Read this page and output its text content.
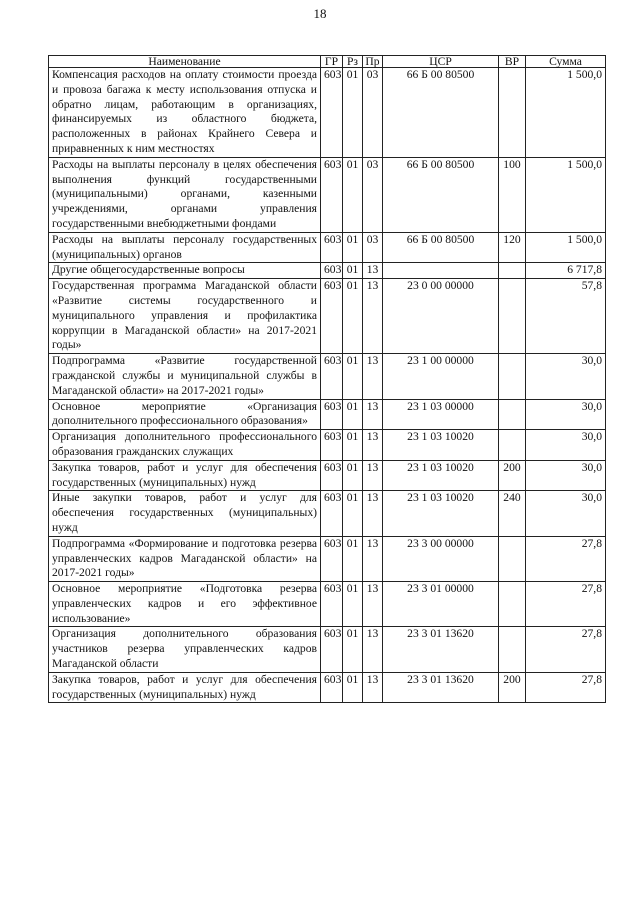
18
Наименование	ГР	Рз	Пр	ЦСР	ВР	Сумма
Компенсация расходов на оплату стоимости проезда и провоза багажа к месту использования отпуска и обратно лицам, работающим в организациях, финансируемых из областного бюджета, расположенных в районах Крайнего Севера и приравненных к ним местностях	603	01	03	66 Б 00 80500		1 500,0
Расходы на выплаты персоналу в целях обеспечения выполнения функций государственными (муниципальными) органами, казенными учреждениями, органами управления государственными внебюджетными фондами	603	01	03	66 Б 00 80500	100	1 500,0
Расходы на выплаты персоналу государственных (муниципальных) органов	603	01	03	66 Б 00 80500	120	1 500,0
Другие общегосударственные вопросы	603	01	13			6 717,8
Государственная программа Магаданской области «Развитие системы государственного и муниципального управления и профилактика коррупции в Магаданской области» на 2017-2021 годы»	603	01	13	23 0 00 00000		57,8
Подпрограмма «Развитие государственной гражданской службы и муниципальной службы в Магаданской области» на 2017-2021 годы»	603	01	13	23 1 00 00000		30,0
Основное мероприятие «Организация дополнительного профессионального образования»	603	01	13	23 1 03 00000		30,0
Организация дополнительного профессионального образования гражданских служащих	603	01	13	23 1 03 10020		30,0
Закупка товаров, работ и услуг для обеспечения государственных (муниципальных) нужд	603	01	13	23 1 03 10020	200	30,0
Иные закупки товаров, работ и услуг для обеспечения государственных (муниципальных) нужд	603	01	13	23 1 03 10020	240	30,0
Подпрограмма «Формирование и подготовка резерва управленческих кадров Магаданской области» на 2017-2021 годы»	603	01	13	23 3 00 00000		27,8
Основное мероприятие «Подготовка резерва управленческих кадров и его эффективное использование»	603	01	13	23 3 01 00000		27,8
Организация дополнительного образования участников резерва управленческих кадров Магаданской области	603	01	13	23 3 01 13620		27,8
Закупка товаров, работ и услуг для обеспечения государственных (муниципальных) нужд	603	01	13	23 3 01 13620	200	27,8
